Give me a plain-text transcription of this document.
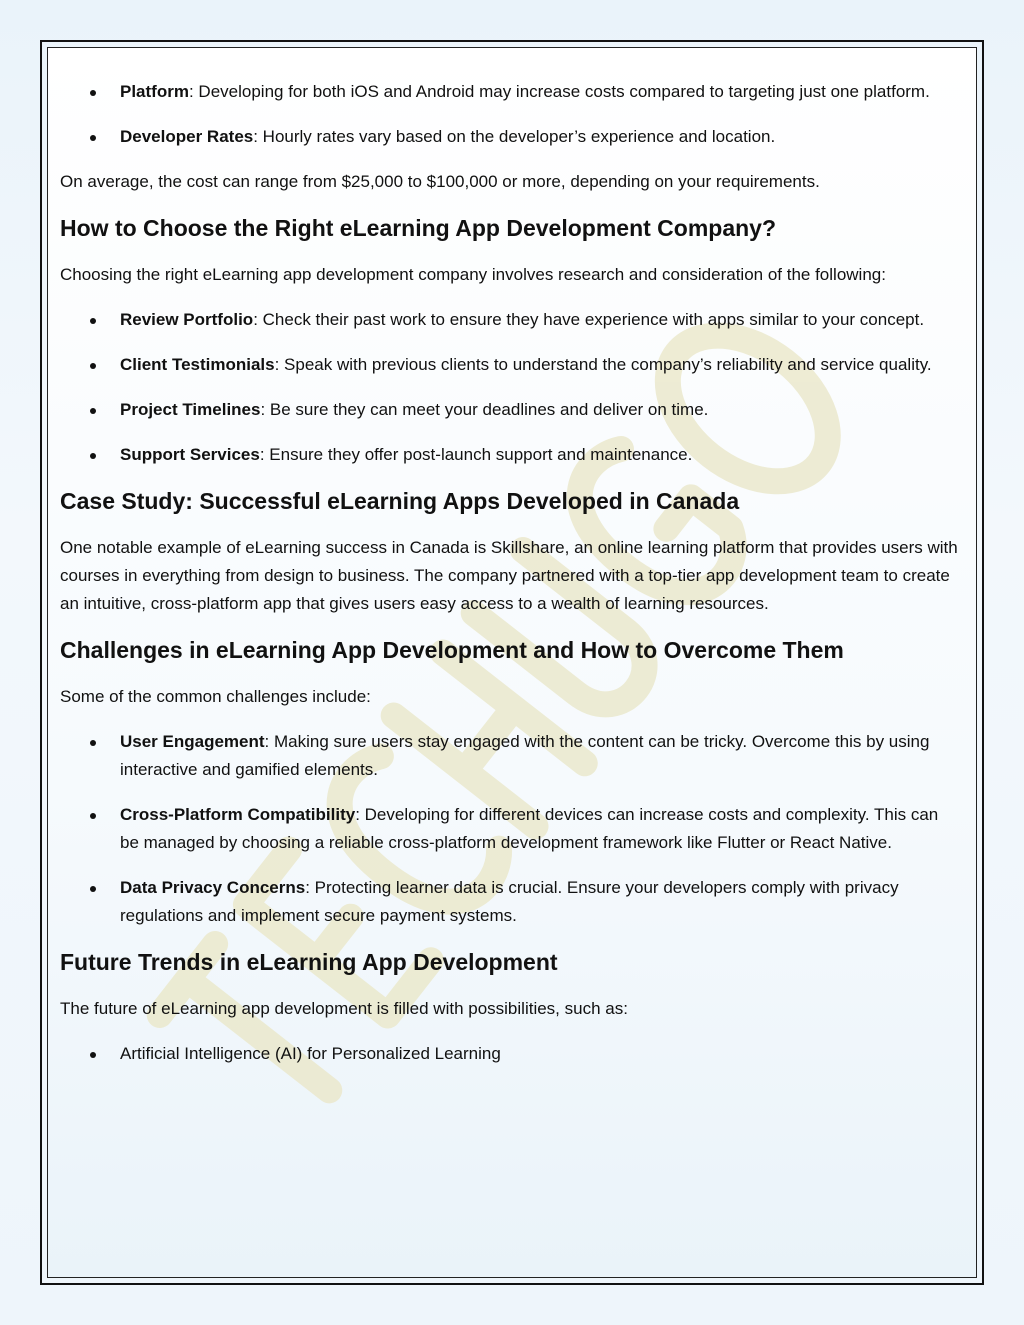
Platform: Developing for both iOS and Android may increase costs compared to targeting just one platform.
Developer Rates: Hourly rates vary based on the developer’s experience and location.

On average, the cost can range from $25,000 to $100,000 or more, depending on your requirements.

How to Choose the Right eLearning App Development Company?

Choosing the right eLearning app development company involves research and consideration of the following:

Review Portfolio: Check their past work to ensure they have experience with apps similar to your concept.
Client Testimonials: Speak with previous clients to understand the company’s reliability and service quality.
Project Timelines: Be sure they can meet your deadlines and deliver on time.
Support Services: Ensure they offer post-launch support and maintenance.
Case Study: Successful eLearning Apps Developed in Canada

One notable example of eLearning success in Canada is Skillshare, an online learning platform that provides users with courses in everything from design to business. The company partnered with a top-tier app development team to create an intuitive, cross-platform app that gives users easy access to a wealth of learning resources.

Challenges in eLearning App Development and How to Overcome Them

Some of the common challenges include:

User Engagement: Making sure users stay engaged with the content can be tricky. Overcome this by using interactive and gamified elements.
Cross-Platform Compatibility: Developing for different devices can increase costs and complexity. This can be managed by choosing a reliable cross-platform development framework like Flutter or React Native.
Data Privacy Concerns: Protecting learner data is crucial. Ensure your developers comply with privacy regulations and implement secure payment systems.
Future Trends in eLearning App Development

The future of eLearning app development is filled with possibilities, such as:

Artificial Intelligence (AI) for Personalized Learning
